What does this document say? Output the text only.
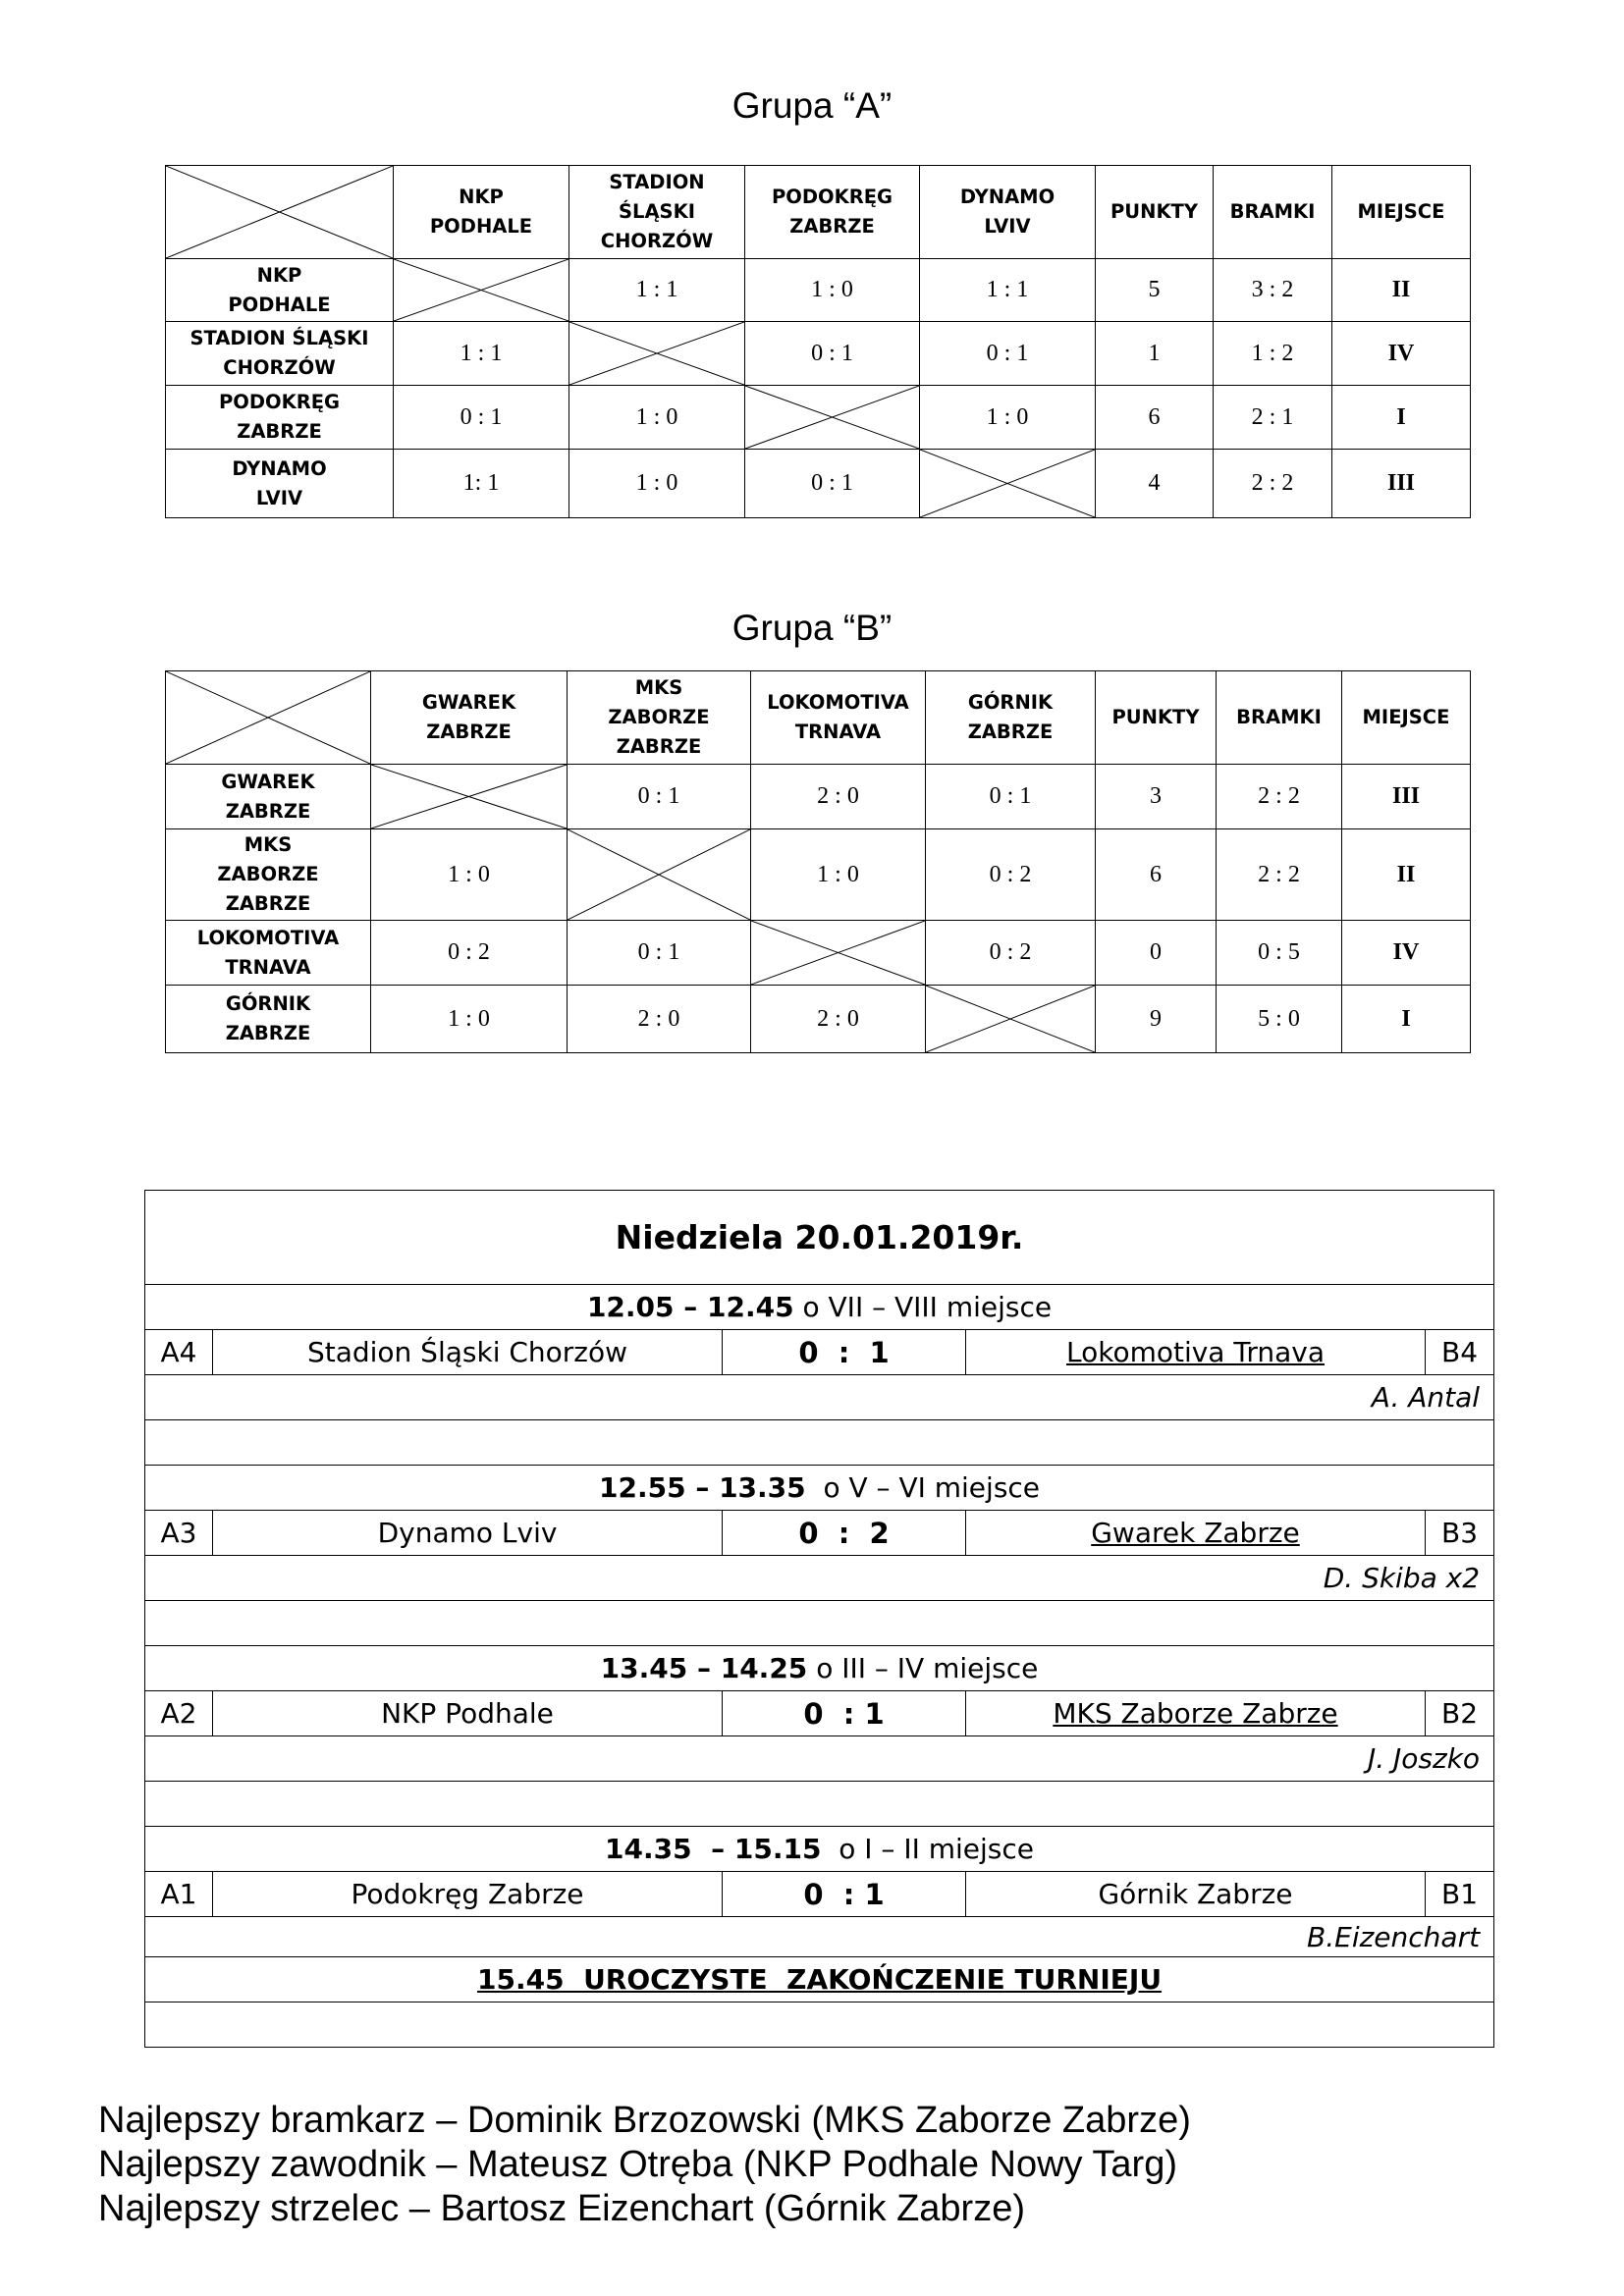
Grupa “A”
	NKP
PODHALE	STADION
ŚLĄSKI
CHORZÓW	PODOKRĘG
ZABRZE	DYNAMO
LVIV	PUNKTY	BRAMKI	MIEJSCE
NKP
PODHALE		1 : 1	1 : 0	1 : 1	5	3 : 2	II
STADION ŚLĄSKI
CHORZÓW	1 : 1		0 : 1	0 : 1	1	1 : 2	IV
PODOKRĘG
ZABRZE	0 : 1	1 : 0		1 : 0	6	2 : 1	I
DYNAMO
LVIV	1: 1	1 : 0	0 : 1		4	2 : 2	III
Grupa “B”
	GWAREK
ZABRZE	MKS
ZABORZE
ZABRZE	LOKOMOTIVA
TRNAVA	GÓRNIK
ZABRZE	PUNKTY	BRAMKI	MIEJSCE
GWAREK
ZABRZE		0 : 1	2 : 0	0 : 1	3	2 : 2	III
MKS
ZABORZE
ZABRZE	1 : 0		1 : 0	0 : 2	6	2 : 2	II
LOKOMOTIVA
TRNAVA	0 : 2	0 : 1		0 : 2	0	0 : 5	IV
GÓRNIK
ZABRZE	1 : 0	2 : 0	2 : 0		9	5 : 0	I
Niedziela 20.01.2019r.				
12.05 – 12.45 o VII – VIII miejsce				
A4	Stadion Śląski Chorzów	0  :  1	Lokomotiva Trnava	B4
A. Antal				

12.55 – 13.35  o V – VI miejsce				
A3	Dynamo Lviv	0  :  2	Gwarek Zabrze	B3
D. Skiba x2				

13.45 – 14.25 o III – IV miejsce				
A2	NKP Podhale	0  : 1	MKS Zaborze Zabrze	B2
J. Joszko				

14.35  – 15.15  o I – II miejsce				
A1	Podokręg Zabrze	0  : 1	Górnik Zabrze	B1
B.Eizenchart				
15.45  UROCZYSTE  ZAKOŃCZENIE TURNIEJU				

Najlepszy bramkarz – Dominik Brzozowski (MKS Zaborze Zabrze)
Najlepszy zawodnik – Mateusz Otręba (NKP Podhale Nowy Targ)
Najlepszy strzelec – Bartosz Eizenchart (Górnik Zabrze)
